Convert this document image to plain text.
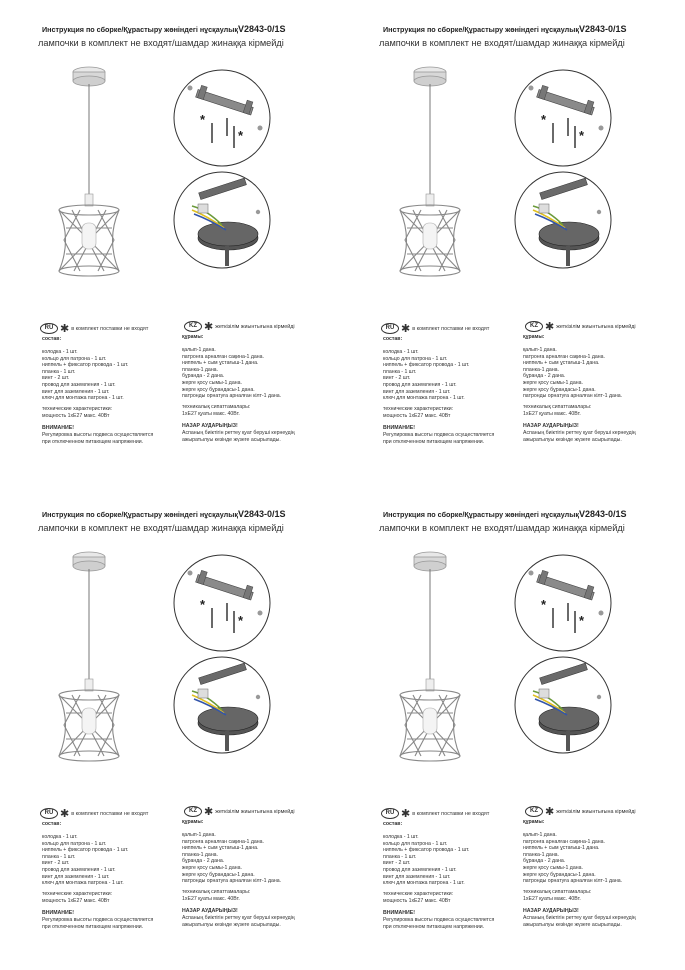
Инструкция по сборке/Құрастыру жөніндегі нұсқаулық V2843-0/1S
лампочки в комплект не входят/шамдар жинаққа кірмейді
*
*
RU ✱ в комплект поставки не входят	KZ ✱ жеткізілім жиынтығына кірмейді
состав:
колодка - 1 шт.
кольцо для патрона - 1 шт.
ниппель + фиксатор провода - 1 шт.
планка - 1 шт.
винт - 2 шт.
провод для заземления - 1 шт.
винт для заземления - 1 шт.
ключ для монтажа патрона - 1 шт.
технические характеристики:
мощность 1xE27 макс. 40Вт
ВНИМАНИЕ!
Регулировка высоты подвеса осуществляется
при отключенном питающем напряжении.
құрамы:
қалып-1 дана.
патронға арналған сақина-1 дана.
ниппель + сым ұстағыш-1 дана.
планка-1 дана.
бұранда - 2 дана.
жерге қосу сымы-1 дана.
жерге қосу бұрандасы-1 дана.
патронды орнатуға арналған кілт-1 дана.
техникалық сипаттамалары:
1xE27 қуаты макс. 40Вт.
НАЗАР АУДАРЫҢЫЗ!
Аспаның биіктігін реттеу қуат беруші кернеудің
ажыратылуы кезінде жүзеге асырылады.
Инструкция по сборке/Құрастыру жөніндегі нұсқаулық V2843-0/1S
лампочки в комплект не входят/шамдар жинаққа кірмейді
*
*
RU ✱ в комплект поставки не входят	KZ ✱ жеткізілім жиынтығына кірмейді
состав:
колодка - 1 шт.
кольцо для патрона - 1 шт.
ниппель + фиксатор провода - 1 шт.
планка - 1 шт.
винт - 2 шт.
провод для заземления - 1 шт.
винт для заземления - 1 шт.
ключ для монтажа патрона - 1 шт.
технические характеристики:
мощность 1xE27 макс. 40Вт
ВНИМАНИЕ!
Регулировка высоты подвеса осуществляется
при отключенном питающем напряжении.
құрамы:
қалып-1 дана.
патронға арналған сақина-1 дана.
ниппель + сым ұстағыш-1 дана.
планка-1 дана.
бұранда - 2 дана.
жерге қосу сымы-1 дана.
жерге қосу бұрандасы-1 дана.
патронды орнатуға арналған кілт-1 дана.
техникалық сипаттамалары:
1xE27 қуаты макс. 40Вт.
НАЗАР АУДАРЫҢЫЗ!
Аспаның биіктігін реттеу қуат беруші кернеудің
ажыратылуы кезінде жүзеге асырылады.
Инструкция по сборке/Құрастыру жөніндегі нұсқаулық V2843-0/1S
лампочки в комплект не входят/шамдар жинаққа кірмейді
*
*
RU ✱ в комплект поставки не входят	KZ ✱ жеткізілім жиынтығына кірмейді
состав:
колодка - 1 шт.
кольцо для патрона - 1 шт.
ниппель + фиксатор провода - 1 шт.
планка - 1 шт.
винт - 2 шт.
провод для заземления - 1 шт.
винт для заземления - 1 шт.
ключ для монтажа патрона - 1 шт.
технические характеристики:
мощность 1xE27 макс. 40Вт
ВНИМАНИЕ!
Регулировка высоты подвеса осуществляется
при отключенном питающем напряжении.
құрамы:
қалып-1 дана.
патронға арналған сақина-1 дана.
ниппель + сым ұстағыш-1 дана.
планка-1 дана.
бұранда - 2 дана.
жерге қосу сымы-1 дана.
жерге қосу бұрандасы-1 дана.
патронды орнатуға арналған кілт-1 дана.
техникалық сипаттамалары:
1xE27 қуаты макс. 40Вт.
НАЗАР АУДАРЫҢЫЗ!
Аспаның биіктігін реттеу қуат беруші кернеудің
ажыратылуы кезінде жүзеге асырылады.
Инструкция по сборке/Құрастыру жөніндегі нұсқаулық V2843-0/1S
лампочки в комплект не входят/шамдар жинаққа кірмейді
*
*
RU ✱ в комплект поставки не входят	KZ ✱ жеткізілім жиынтығына кірмейді
состав:
колодка - 1 шт.
кольцо для патрона - 1 шт.
ниппель + фиксатор провода - 1 шт.
планка - 1 шт.
винт - 2 шт.
провод для заземления - 1 шт.
винт для заземления - 1 шт.
ключ для монтажа патрона - 1 шт.
технические характеристики:
мощность 1xE27 макс. 40Вт
ВНИМАНИЕ!
Регулировка высоты подвеса осуществляется
при отключенном питающем напряжении.
құрамы:
қалып-1 дана.
патронға арналған сақина-1 дана.
ниппель + сым ұстағыш-1 дана.
планка-1 дана.
бұранда - 2 дана.
жерге қосу сымы-1 дана.
жерге қосу бұрандасы-1 дана.
патронды орнатуға арналған кілт-1 дана.
техникалық сипаттамалары:
1xE27 қуаты макс. 40Вт.
НАЗАР АУДАРЫҢЫЗ!
Аспаның биіктігін реттеу қуат беруші кернеудің
ажыратылуы кезінде жүзеге асырылады.
